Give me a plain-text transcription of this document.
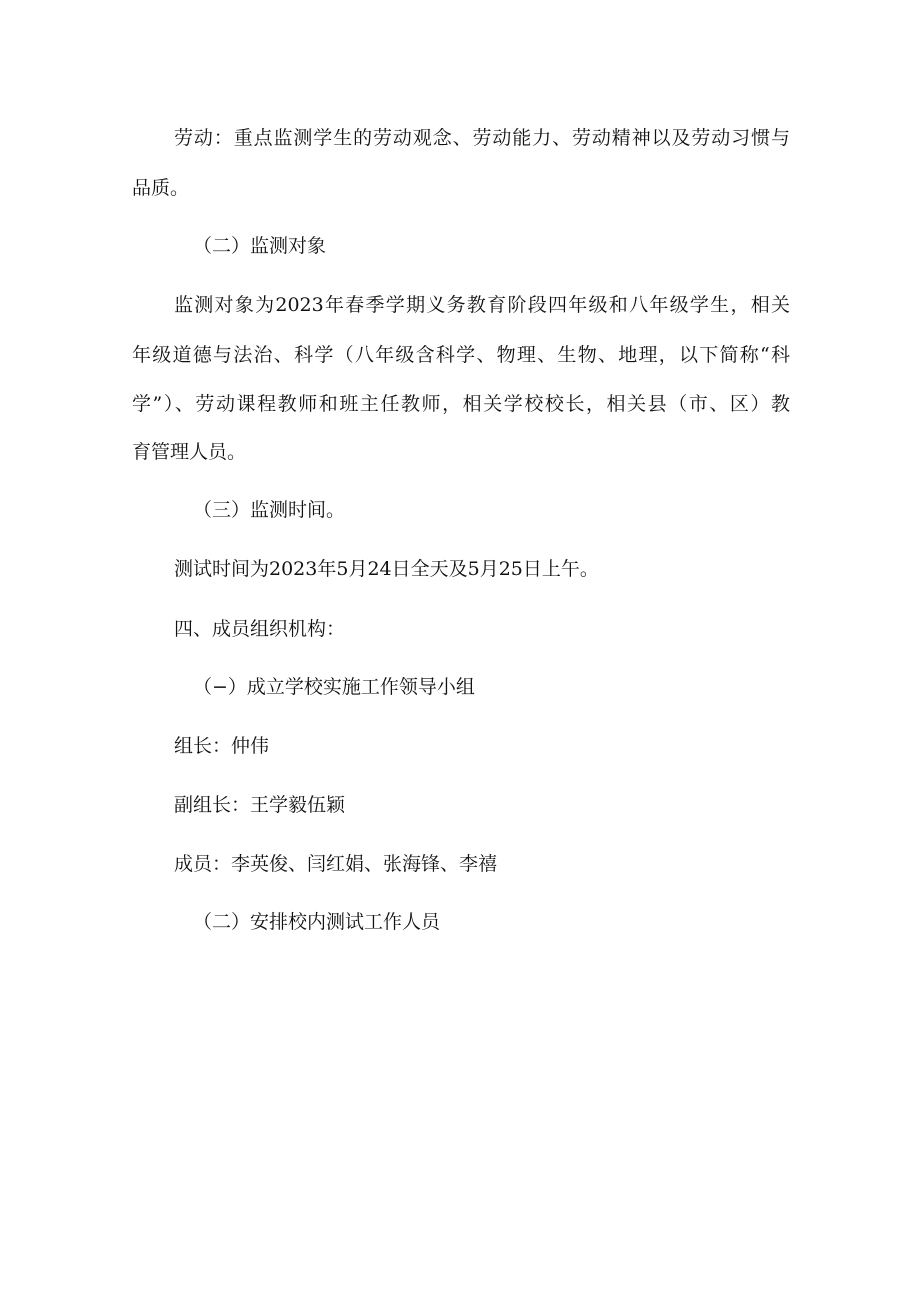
劳动：重点监测学生的劳动观念、劳动能力、劳动精神以及劳动习惯与
品质。
（二）监测对象
监测对象为2023年春季学期义务教育阶段四年级和八年级学生，相关
年级道德与法治、科学（八年级含科学、物理、生物、地理，以下简称“科
学”）、劳动课程教师和班主任教师，相关学校校长，相关县（市、区）教
育管理人员。
（三）监测时间。
测试时间为2023年5月24日全天及5月25日上午。
四、成员组织机构：
（−）成立学校实施工作领导小组
组长：仲伟
副组长：王学毅伍颖
成员：李英俊、闫红娟、张海锋、李禧
（二）安排校内测试工作人员
